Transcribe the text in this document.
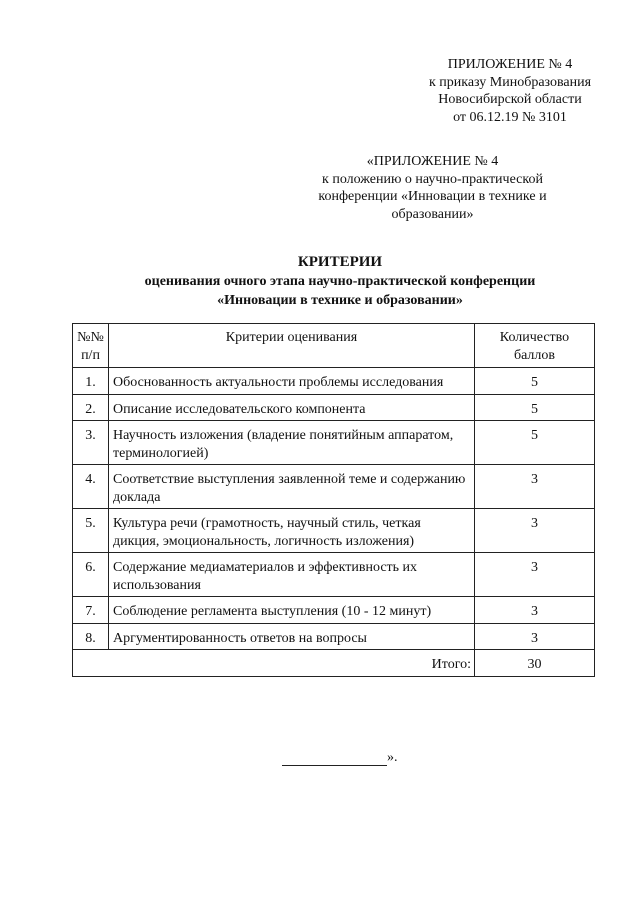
ПРИЛОЖЕНИЕ № 4
к приказу Минобразования
Новосибирской области
от 06.12.19 № 3101
«ПРИЛОЖЕНИЕ № 4
к положению о научно-практической
конференции «Инновации в технике и
образовании»
КРИТЕРИИ
оценивания очного этапа научно-практической конференции
«Инновации в технике и образовании»
№№ п/п	Критерии оценивания	Количество баллов
1.	Обоснованность актуальности проблемы исследования	5
2.	Описание исследовательского компонента	5
3.	Научность изложения (владение понятийным аппаратом, терминологией)	5
4.	Соответствие выступления заявленной теме и содержанию доклада	3
5.	Культура речи (грамотность, научный стиль, четкая дикция, эмоциональность, логичность изложения)	3
6.	Содержание медиаматериалов и эффективность их использования	3
7.	Соблюдение регламента выступления (10 - 12 минут)	3
8.	Аргументированность ответов на вопросы	3
Итого:		30
».
